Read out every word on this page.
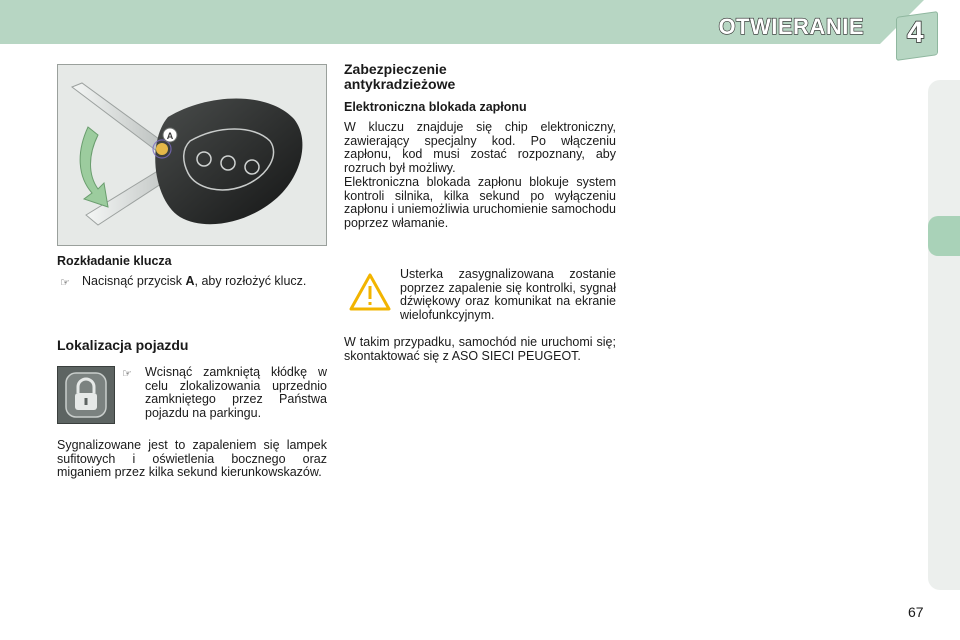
OTWIERANIE 4
A
Rozkładanie klucza
☞ Nacisnąć przycisk A, aby rozłożyć klucz.
Lokalizacja pojazdu
☞ Wcisnąć zamkniętą kłódkę w celu zlokalizowania uprzednio zamkniętego przez Państwa pojazdu na parkingu.
Sygnalizowane jest to zapaleniem się lampek sufitowych i oświetlenia bocznego oraz miganiem przez kilka sekund kierunkowskazów.
Zabezpieczenie
antykradzieżowe
Elektroniczna blokada zapłonu
W kluczu znajduje się chip elektroniczny, zawierający specjalny kod. Po włączeniu zapłonu, kod musi zostać rozpoznany, aby rozruch był możliwy.
Elektroniczna blokada zapłonu blokuje system kontroli silnika, kilka sekund po wyłączeniu zapłonu i uniemożliwia uruchomienie samochodu poprzez włamanie.
Usterka zasygnalizowana zostanie poprzez zapalenie się kontrolki, sygnał dźwiękowy oraz komunikat na ekranie wielofunkcyjnym.
W takim przypadku, samochód nie uruchomi się; skontaktować się z ASO SIECI PEUGEOT.
67
